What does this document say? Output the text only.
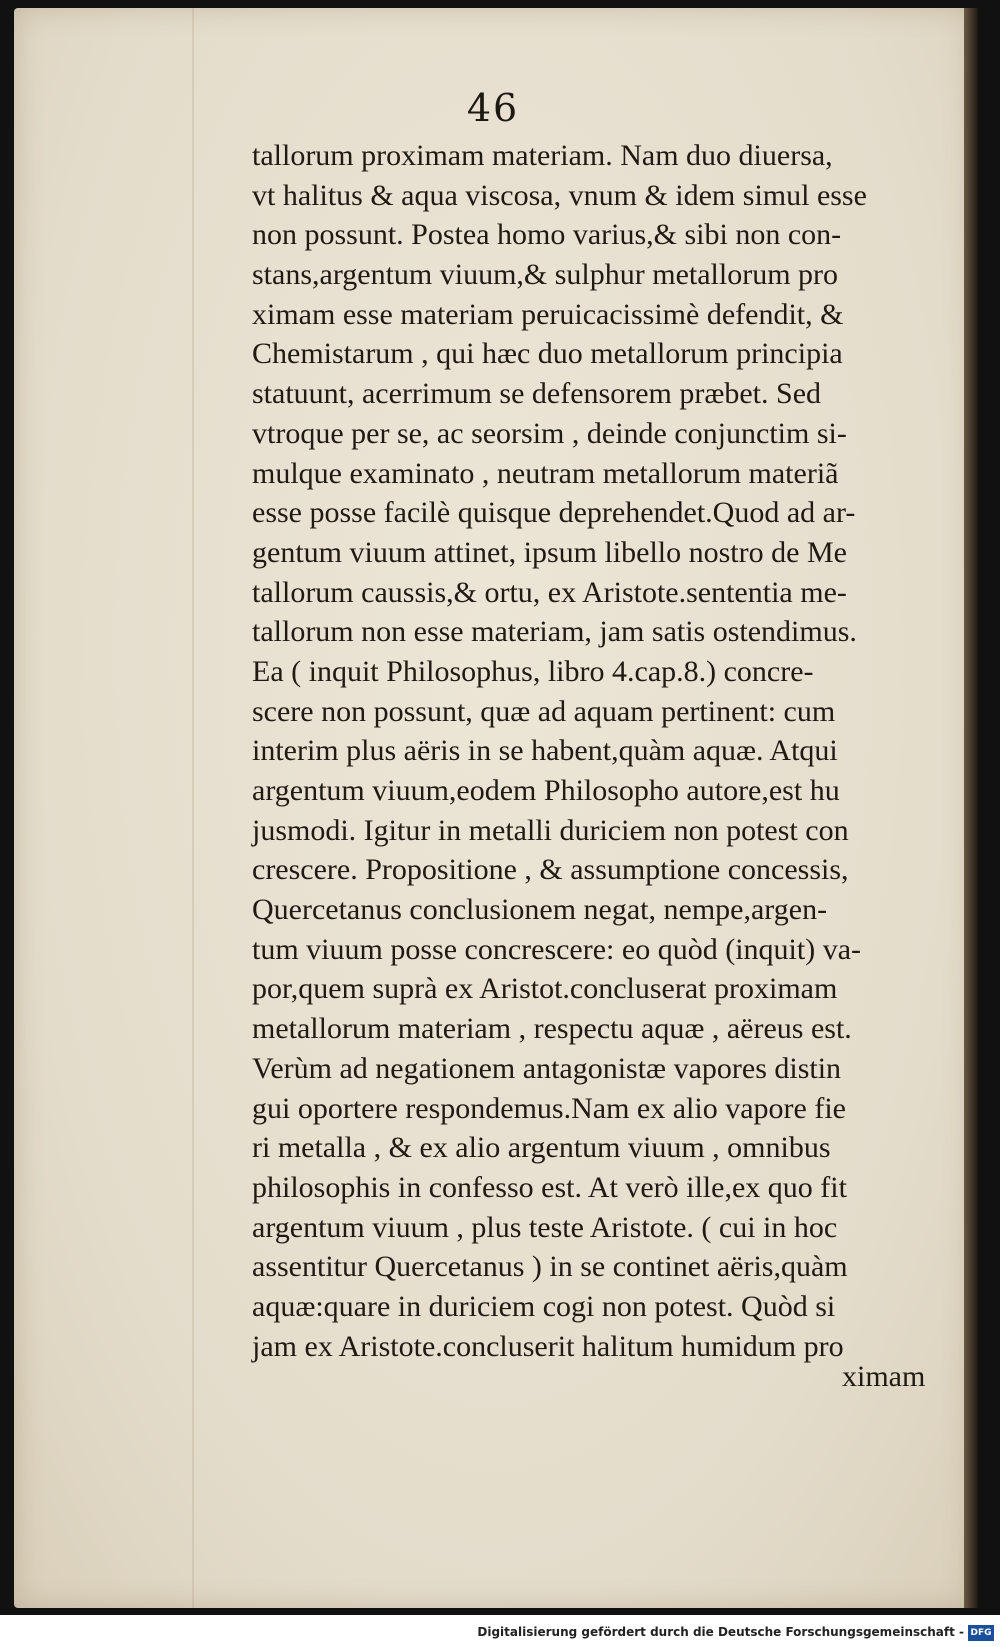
46
tallorum proximam materiam. Nam duo diuersa,
vt halitus & aqua viscosa, vnum & idem simul esse
non possunt. Postea homo varius,& sibi non con-
stans,argentum viuum,& sulphur metallorum pro
ximam esse materiam peruicacissimè defendit, &
Chemistarum , qui hæc duo metallorum principia
statuunt, acerrimum se defensorem præbet. Sed
vtroque per se, ac seorsim , deinde conjunctim si-
mulque examinato , neutram metallorum materiã
esse posse facilè quisque deprehendet.Quod ad ar-
gentum viuum attinet, ipsum libello nostro de Me
tallorum caussis,& ortu, ex Aristote.sententia me-
tallorum non esse materiam, jam satis ostendimus.
Ea ( inquit Philosophus, libro 4.cap.8.) concre-
scere non possunt, quæ ad aquam pertinent: cum
interim plus aëris in se habent,quàm aquæ. Atqui
argentum viuum,eodem Philosopho autore,est hu
jusmodi. Igitur in metalli duriciem non potest con
crescere. Propositione , & assumptione concessis,
Quercetanus conclusionem negat, nempe,argen-
tum viuum posse concrescere: eo quòd (inquit) va-
por,quem suprà ex Aristot.concluserat proximam
metallorum materiam , respectu aquæ , aëreus est.
Verùm ad negationem antagonistæ vapores distin
gui oportere respondemus.Nam ex alio vapore fie
ri metalla , & ex alio argentum viuum , omnibus
philosophis in confesso est. At verò ille,ex quo fit
argentum viuum , plus teste Aristote. ( cui in hoc
assentitur Quercetanus ) in se continet aëris,quàm
aquæ:quare in duriciem cogi non potest. Quòd si
jam ex Aristote.concluserit halitum humidum pro
ximam
Digitalisierung gefördert durch die Deutsche Forschungsgemeinschaft - DFG
